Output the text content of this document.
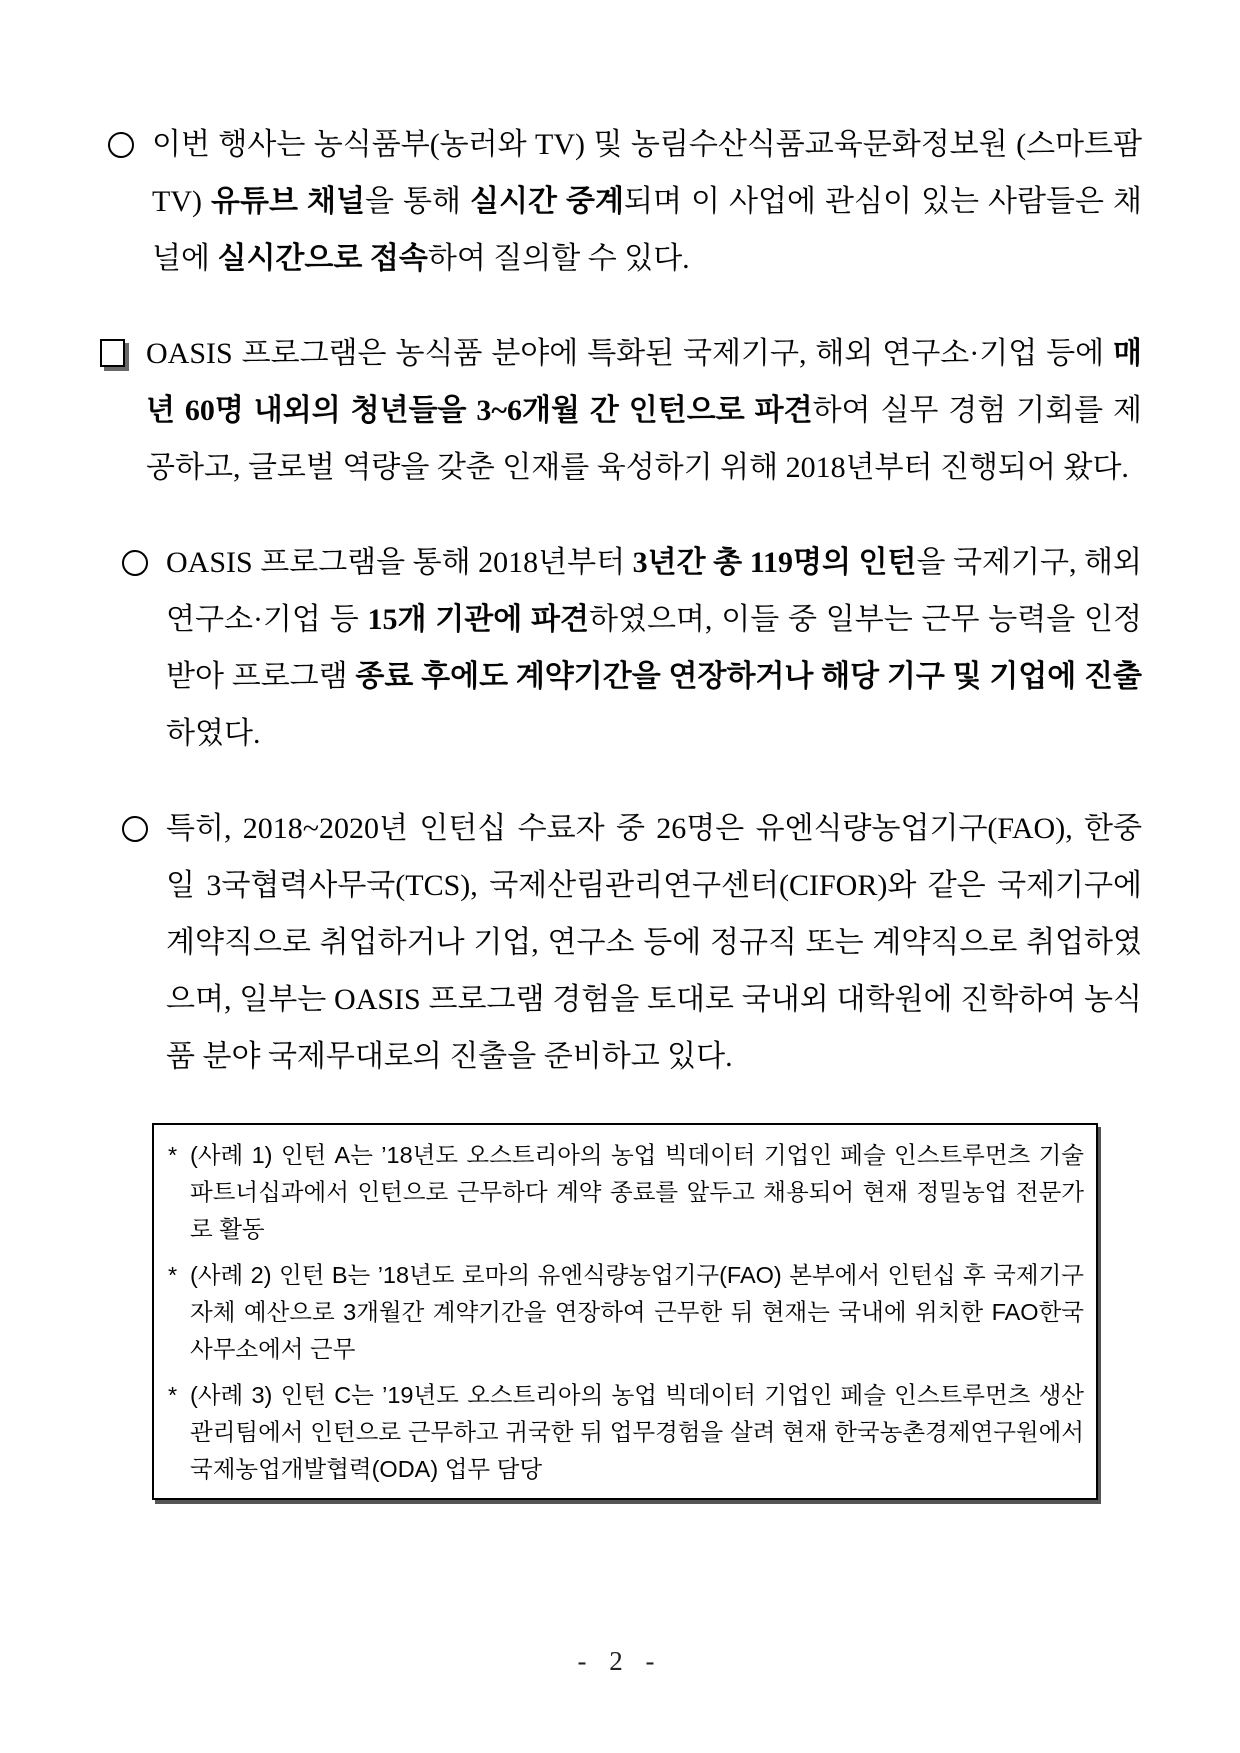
이번 행사는 농식품부(농러와 TV) 및 농림수산식품교육문화정보원 (스마트팜 TV) 유튜브 채널을 통해 실시간 중계되며 이 사업에 관심이 있는 사람들은 채널에 실시간으로 접속하여 질의할 수 있다.
OASIS 프로그램은 농식품 분야에 특화된 국제기구, 해외 연구소·기업 등에 매년 60명 내외의 청년들을 3~6개월 간 인턴으로 파견하여 실무 경험 기회를 제공하고, 글로벌 역량을 갖춘 인재를 육성하기 위해 2018년부터 진행되어 왔다.
OASIS 프로그램을 통해 2018년부터 3년간 총 119명의 인턴을 국제기구, 해외 연구소·기업 등 15개 기관에 파견하였으며, 이들 중 일부는 근무 능력을 인정받아 프로그램 종료 후에도 계약기간을 연장하거나 해당 기구 및 기업에 진출하였다.
특히, 2018~2020년 인턴십 수료자 중 26명은 유엔식량농업기구(FAO), 한중일 3국협력사무국(TCS), 국제산림관리연구센터(CIFOR)와 같은 국제기구에 계약직으로 취업하거나 기업, 연구소 등에 정규직 또는 계약직으로 취업하였으며, 일부는 OASIS 프로그램 경험을 토대로 국내외 대학원에 진학하여 농식품 분야 국제무대로의 진출을 준비하고 있다.
* (사례 1) 인턴 A는 ’18년도 오스트리아의 농업 빅데이터 기업인 페슬 인스트루먼츠 기술파트너십과에서 인턴으로 근무하다 계약 종료를 앞두고 채용되어 현재 정밀농업 전문가로 활동
* (사례 2) 인턴 B는 ’18년도 로마의 유엔식량농업기구(FAO) 본부에서 인턴십 후 국제기구 자체 예산으로 3개월간 계약기간을 연장하여 근무한 뒤 현재는 국내에 위치한 FAO한국사무소에서 근무
* (사례 3) 인턴 C는 ’19년도 오스트리아의 농업 빅데이터 기업인 페슬 인스트루먼츠 생산관리팀에서 인턴으로 근무하고 귀국한 뒤 업무경험을 살려 현재 한국농촌경제연구원에서 국제농업개발협력(ODA) 업무 담당
- 2 -
